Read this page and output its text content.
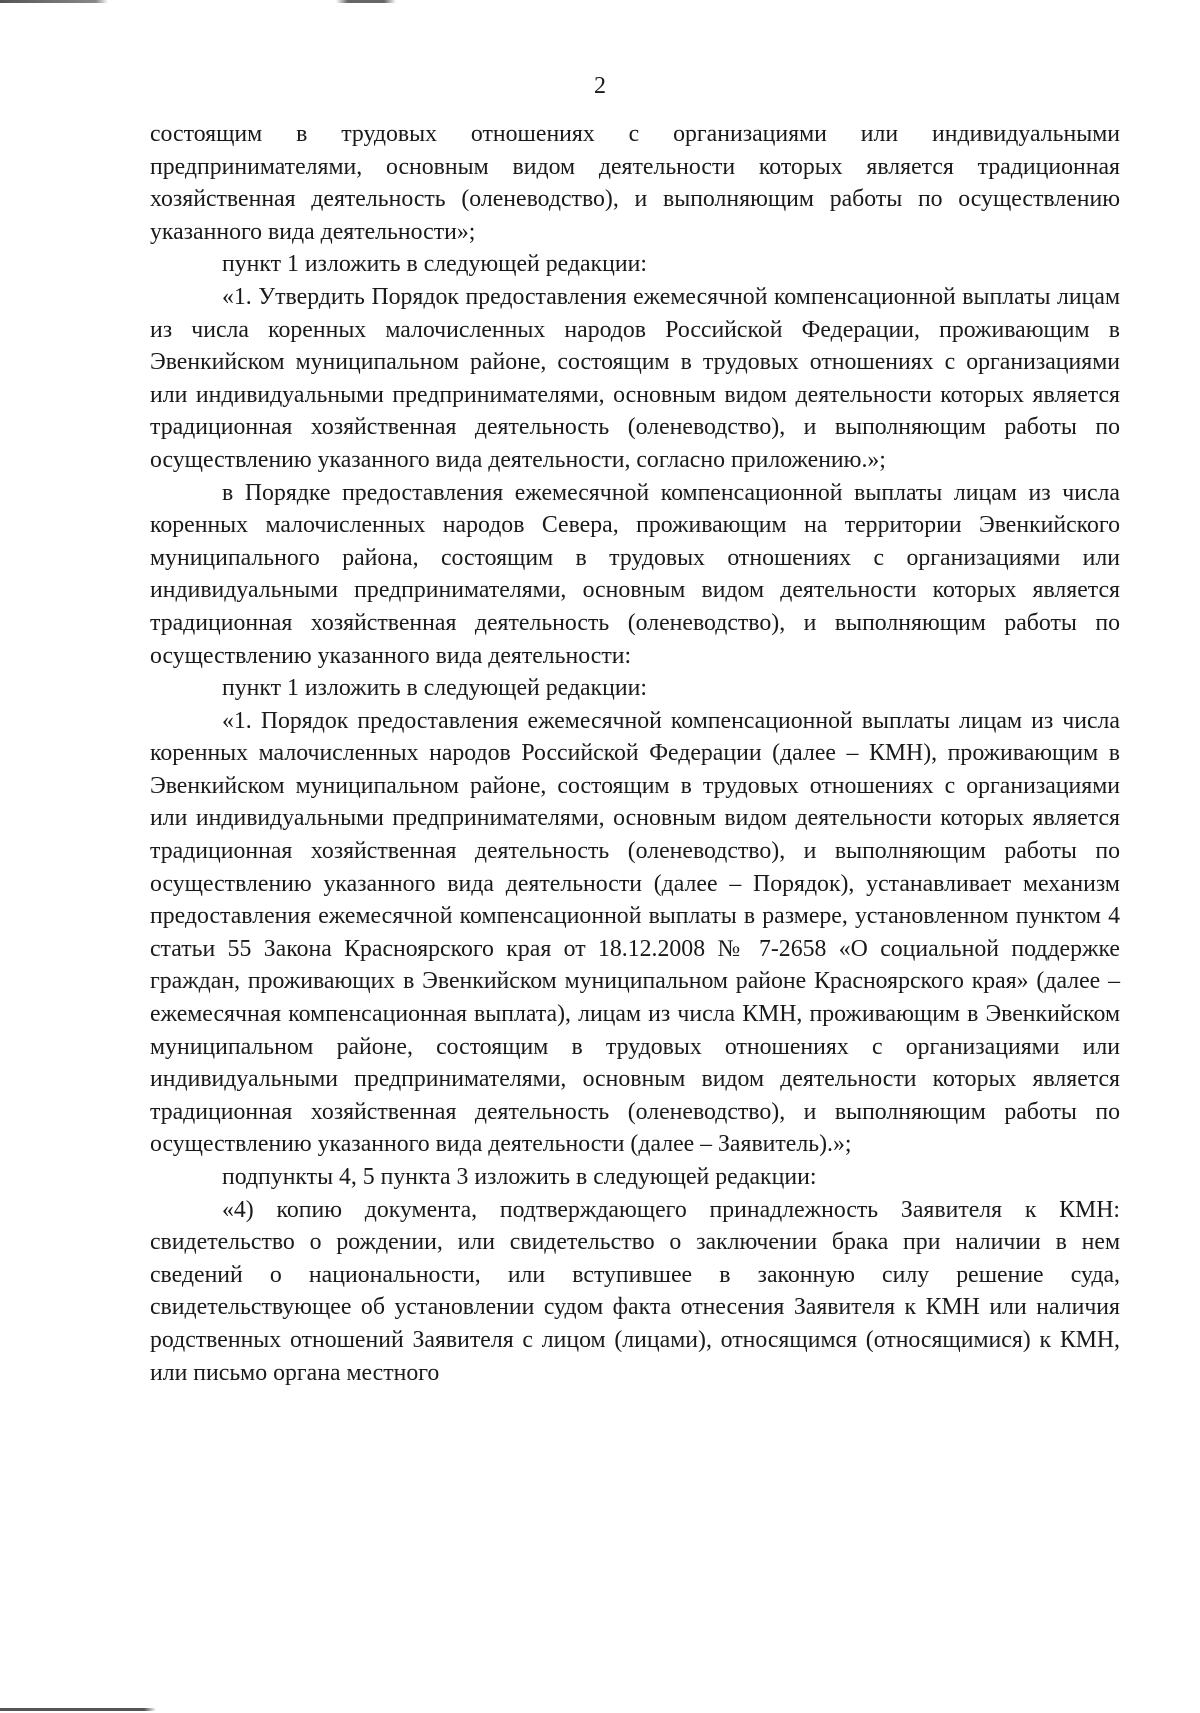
2

состоящим в трудовых отношениях с организациями или индивидуальными предпринимателями, основным видом деятельности которых является традиционная хозяйственная деятельность (оленеводство), и выполняющим работы по осуществлению указанного вида деятельности»;

пункт 1 изложить в следующей редакции:

«1. Утвердить Порядок предоставления ежемесячной компенсационной выплаты лицам из числа коренных малочисленных народов Российской Федерации, проживающим в Эвенкийском муниципальном районе, состоящим в трудовых отношениях с организациями или индивидуальными предпринимателями, основным видом деятельности которых является традиционная хозяйственная деятельность (оленеводство), и выполняющим работы по осуществлению указанного вида деятельности, согласно приложению.»;

в Порядке предоставления ежемесячной компенсационной выплаты лицам из числа коренных малочисленных народов Севера, проживающим на территории Эвенкийского муниципального района, состоящим в трудовых отношениях с организациями или индивидуальными предпринимателями, основным видом деятельности которых является традиционная хозяйственная деятельность (оленеводство), и выполняющим работы по осуществлению указанного вида деятельности:

пункт 1 изложить в следующей редакции:

«1. Порядок предоставления ежемесячной компенсационной выплаты лицам из числа коренных малочисленных народов Российской Федерации (далее – КМН), проживающим в Эвенкийском муниципальном районе, состоящим в трудовых отношениях с организациями или индивидуальными предпринимателями, основным видом деятельности которых является традиционная хозяйственная деятельность (оленеводство), и выполняющим работы по осуществлению указанного вида деятельности (далее – Порядок), устанавливает механизм предоставления ежемесячной компенсационной выплаты в размере, установленном пунктом 4 статьи 55 Закона Красноярского края от 18.12.2008 № 7-2658 «О социальной поддержке граждан, проживающих в Эвенкийском муниципальном районе Красноярского края» (далее – ежемесячная компенсационная выплата), лицам из числа КМН, проживающим в Эвенкийском муниципальном районе, состоящим в трудовых отношениях с организациями или индивидуальными предпринимателями, основным видом деятельности которых является традиционная хозяйственная деятельность (оленеводство), и выполняющим работы по осуществлению указанного вида деятельности (далее – Заявитель).»;

подпункты 4, 5 пункта 3 изложить в следующей редакции:

«4) копию документа, подтверждающего принадлежность Заявителя к КМН: свидетельство о рождении, или свидетельство о заключении брака при наличии в нем сведений о национальности, или вступившее в законную силу решение суда, свидетельствующее об установлении судом факта отнесения Заявителя к КМН или наличия родственных отношений Заявителя с лицом (лицами), относящимся (относящимися) к КМН, или письмо органа местного
